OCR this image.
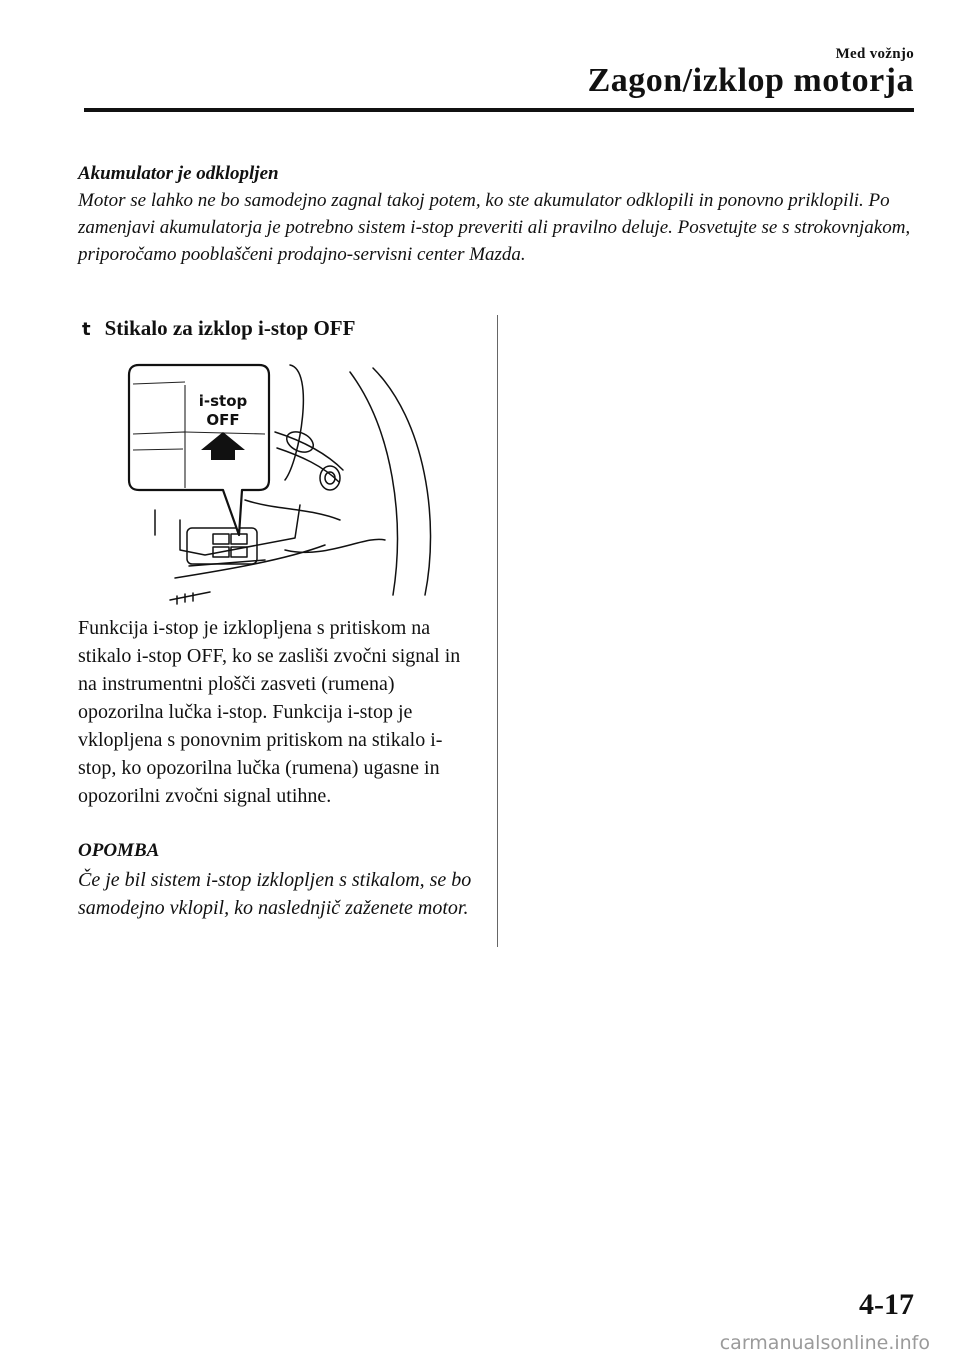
Med vožnjo
Zagon/izklop motorja
Akumulator je odklopljen
Motor se lahko ne bo samodejno zagnal takoj potem, ko ste akumulator odklopili in ponovno priklopili. Po zamenjavi akumulatorja je potrebno sistem i-stop preveriti ali pravilno deluje. Posvetujte se s strokovnjakom, priporočamo pooblaščeni prodajno-servisni center Mazda.
t Stikalo za izklop i-stop OFF
i-stop
OFF
Funkcija i-stop je izklopljena s pritiskom na stikalo i-stop OFF, ko se zasliši zvočni signal in na instrumentni plošči zasveti (rumena) opozorilna lučka i-stop. Funkcija i-stop je vklopljena s ponovnim pritiskom na stikalo i-stop, ko opozorilna lučka (rumena) ugasne in opozorilni zvočni signal utihne.
OPOMBA
Če je bil sistem i-stop izklopljen s stikalom, se bo samodejno vklopil, ko naslednjič zaženete motor.
4-17
carmanualsonline.info
